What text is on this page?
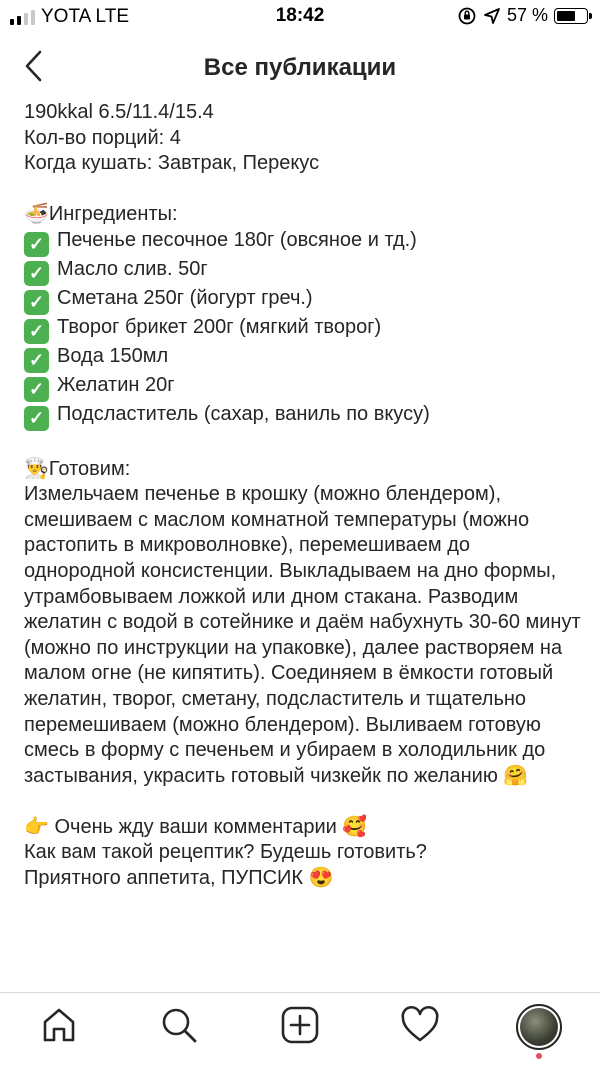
YOTA LTE	18:42	57 %
Все публикации
190kkal 6.5/11.4/15.4
Кол-во порций: 4
Когда кушать: Завтрак, Перекус
🍜Ингредиенты:
✓ Печенье песочное 180г (овсяное и тд.)
✓ Масло слив. 50г
✓ Сметана 250г (йогурт греч.)
✓ Творог брикет 200г (мягкий творог)
✓ Вода 150мл
✓ Желатин 20г
✓ Подсластитель (сахар, ваниль по вкусу)
👨‍🍳Готовим:
Измельчаем печенье в крошку (можно блендером), смешиваем с маслом комнатной температуры (можно растопить в микроволновке), перемешиваем до однородной консистенции. Выкладываем на дно формы, утрамбовываем ложкой или дном стакана. Разводим желатин с водой в сотейнике и даём набухнуть 30-60 минут (можно по инструкции на упаковке), далее растворяем на малом огне (не кипятить). Соединяем в ёмкости готовый желатин, творог, сметану, подсластитель и тщательно перемешиваем (можно блендером). Выливаем готовую смесь в форму с печеньем и убираем в холодильник до застывания, украсить готовый чизкейк по желанию 🤗
👉 Очень жду ваши комментарии 🥰
Как вам такой рецептик? Будешь готовить?
Приятного аппетита, ПУПСИК 😍
